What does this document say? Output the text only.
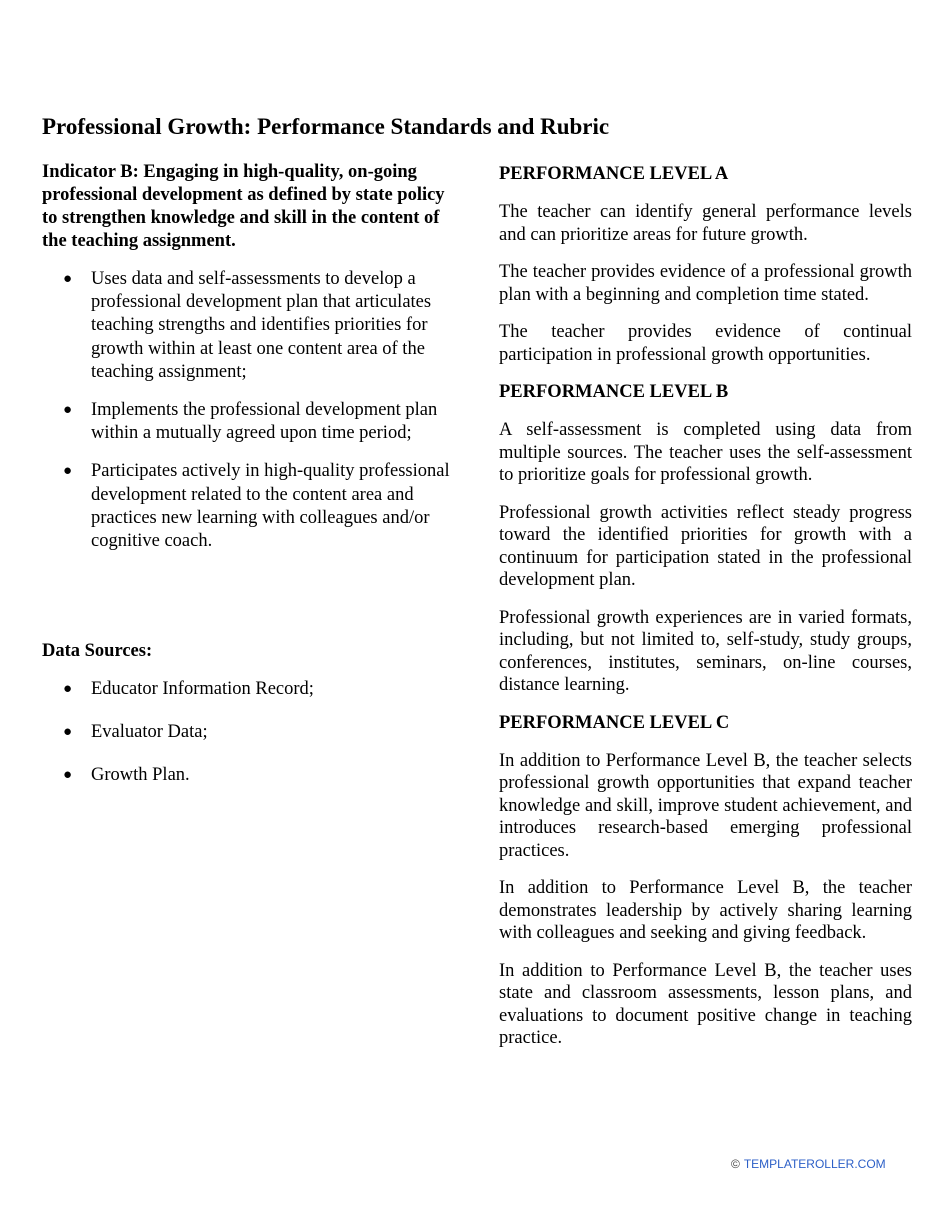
Professional Growth: Performance Standards and Rubric

Indicator B: Engaging in high-quality, on-going professional development as defined by state policy to strengthen knowledge and skill in the content of the teaching assignment.

● Uses data and self-assessments to develop a professional development plan that articulates teaching strengths and identifies priorities for growth within at least one content area of the teaching assignment;
● Implements the professional development plan within a mutually agreed upon time period;
● Participates actively in high-quality professional development related to the content area and practices new learning with colleagues and/or cognitive coach.

Data Sources:

● Educator Information Record;
● Evaluator Data;
● Growth Plan.

PERFORMANCE LEVEL A

The teacher can identify general performance levels and can prioritize areas for future growth.

The teacher provides evidence of a professional growth plan with a beginning and completion time stated.

The teacher provides evidence of continual participation in professional growth opportunities.

PERFORMANCE LEVEL B

A self-assessment is completed using data from multiple sources. The teacher uses the self-assessment to prioritize goals for professional growth.

Professional growth activities reflect steady progress toward the identified priorities for growth with a continuum for participation stated in the professional development plan.

Professional growth experiences are in varied formats, including, but not limited to, self-study, study groups, conferences, institutes, seminars, on-line courses, distance learning.

PERFORMANCE LEVEL C

In addition to Performance Level B, the teacher selects professional growth opportunities that expand teacher knowledge and skill, improve student achievement, and introduces research-based emerging professional practices.

In addition to Performance Level B, the teacher demonstrates leadership by actively sharing learning with colleagues and seeking and giving feedback.

In addition to Performance Level B, the teacher uses state and classroom assessments, lesson plans, and evaluations to document positive change in teaching practice.

© TEMPLATEROLLER.COM
